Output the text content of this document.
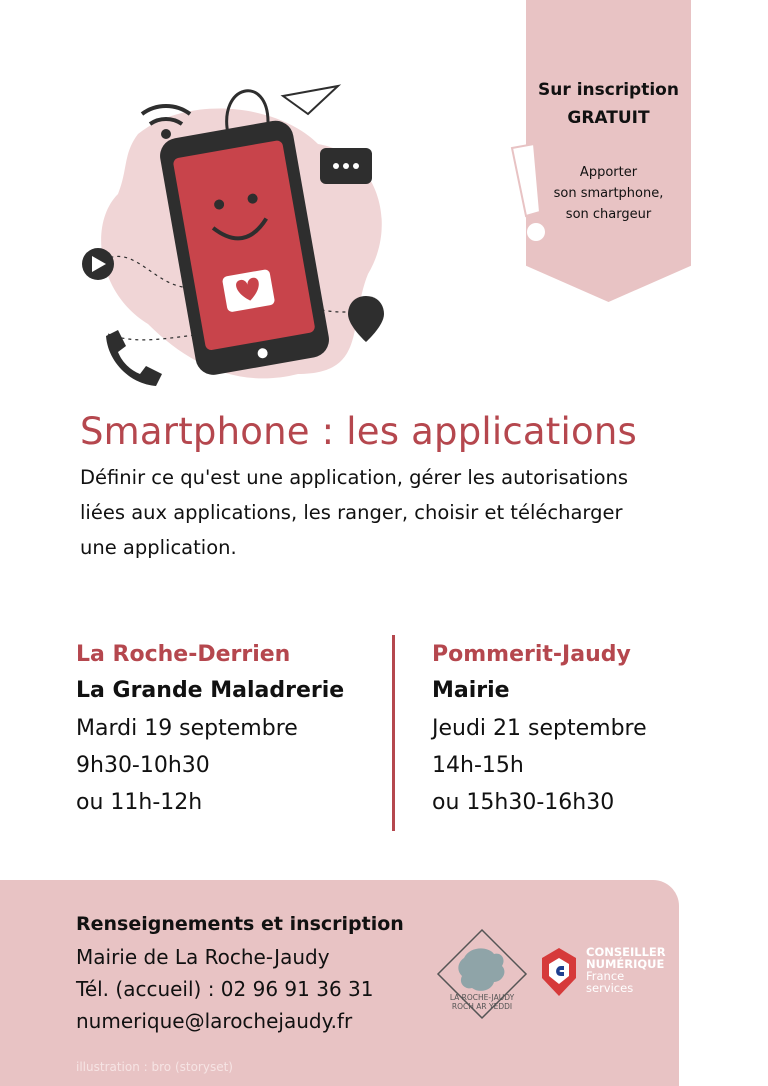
Sur inscription
GRATUIT
Apporter
son smartphone,
son chargeur
Smartphone : les applications
Définir ce qu'est une application, gérer les autorisations
liées aux applications, les ranger, choisir et télécharger
une application.
La Roche-Derrien
La Grande Maladrerie
Mardi 19 septembre
9h30-10h30
ou 11h-12h
Pommerit-Jaudy
Mairie
Jeudi 21 septembre
14h-15h
ou 15h30-16h30
Renseignements et inscription
Mairie de La Roche-Jaudy
Tél. (accueil) : 02 96 91 36 31
numerique@larochejaudy.fr
illustration : bro (storyset)
LA ROCHE-JAUDY
ROCH AR YEDDI
CONSEILLER
NUMÉRIQUE
France
services
